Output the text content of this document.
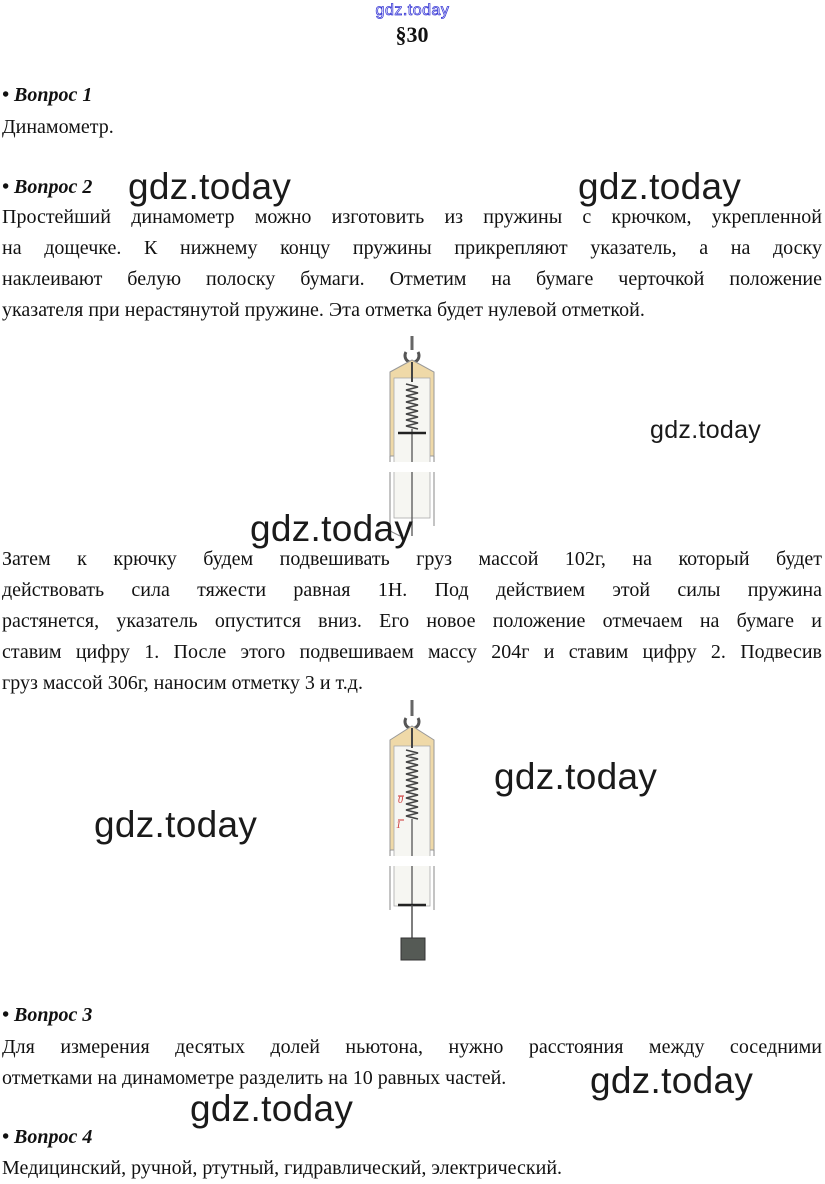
gdz.today
§30
• Вопрос 1
Динамометр.
• Вопрос 2
Простейший динамометр можно изготовить из пружины с крючком, укрепленной
на дощечке. К нижнему концу пружины прикрепляют указатель, а на доску
наклеивают белую полоску бумаги. Отметим на бумаге черточкой положение
указателя при нерастянутой пружине. Эта отметка будет нулевой отметкой.
Затем к крючку будем подвешивать груз массой 102г, на который будет
действовать сила тяжести равная 1Н. Под действием этой силы пружина
растянется, указатель опустится вниз. Его новое положение отмечаем на бумаге и
ставим цифру 1. После этого подвешиваем массу 204г и ставим цифру 2. Подвесив
груз массой 306г, наносим отметку 3 и т.д.
0
1
• Вопрос 3
Для измерения десятых долей ньютона, нужно расстояния между соседними
отметками на динамометре разделить на 10 равных частей.
• Вопрос 4
Медицинский, ручной, ртутный, гидравлический, электрический.
gdz.today	gdz.today
gdz.today
gdz.today
gdz.today
gdz.today
gdz.today
gdz.today
